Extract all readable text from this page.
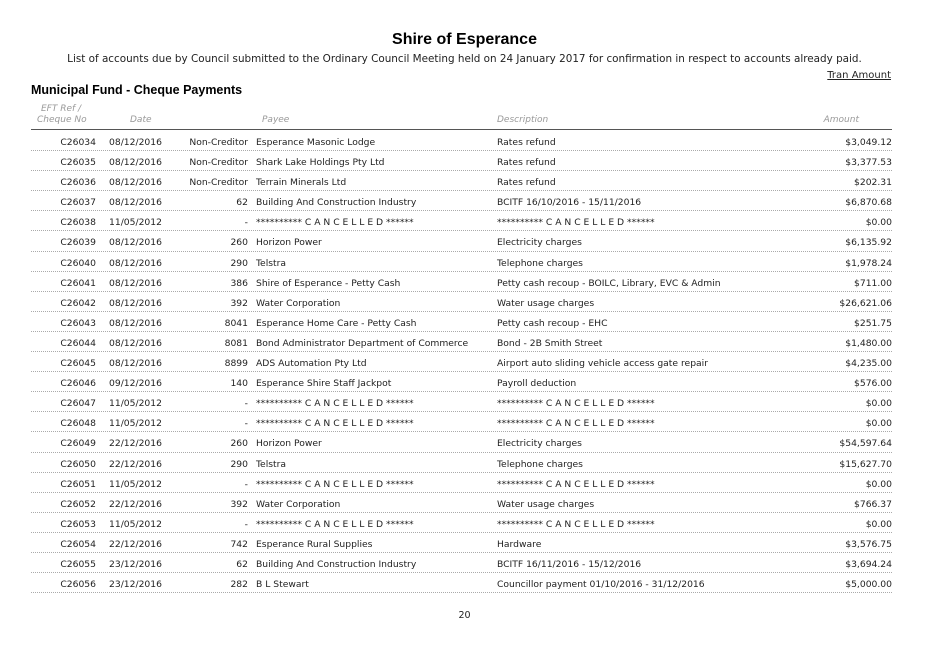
Shire of Esperance
List of accounts due by Council submitted to the Ordinary Council Meeting held on 24 January 2017 for confirmation in respect to accounts already paid.
Tran Amount
Municipal Fund - Cheque Payments
EFT Ref /
Cheque No	Date	Payee	Description	Amount
C26034 08/12/2016	Non-Creditor Esperance Masonic Lodge	Rates refund	$3,049.12
C26035 08/12/2016	Non-Creditor Shark Lake Holdings Pty Ltd	Rates refund	$3,377.53
C26036 08/12/2016	Non-Creditor Terrain Minerals Ltd	Rates refund	$202.31
C26037 08/12/2016	62 Building And Construction Industry	BCITF 16/10/2016 - 15/11/2016	$6,870.68
C26038 11/05/2012	- ********** C A N C E L L E D ******	********** C A N C E L L E D ******	$0.00
C26039 08/12/2016	260 Horizon Power	Electricity charges	$6,135.92
C26040 08/12/2016	290 Telstra	Telephone charges	$1,978.24
C26041 08/12/2016	386 Shire of Esperance - Petty Cash	Petty cash recoup - BOILC, Library, EVC & Admin	$711.00
C26042 08/12/2016	392 Water Corporation	Water usage charges	$26,621.06
C26043 08/12/2016	8041 Esperance Home Care - Petty Cash	Petty cash recoup - EHC	$251.75
C26044 08/12/2016	8081 Bond Administrator Department of Commerce	Bond - 2B Smith Street	$1,480.00
C26045 08/12/2016	8899 ADS Automation Pty Ltd	Airport auto sliding vehicle access gate repair	$4,235.00
C26046 09/12/2016	140 Esperance Shire Staff Jackpot	Payroll deduction	$576.00
C26047 11/05/2012	- ********** C A N C E L L E D ******	********** C A N C E L L E D ******	$0.00
C26048 11/05/2012	- ********** C A N C E L L E D ******	********** C A N C E L L E D ******	$0.00
C26049 22/12/2016	260 Horizon Power	Electricity charges	$54,597.64
C26050 22/12/2016	290 Telstra	Telephone charges	$15,627.70
C26051 11/05/2012	- ********** C A N C E L L E D ******	********** C A N C E L L E D ******	$0.00
C26052 22/12/2016	392 Water Corporation	Water usage charges	$766.37
C26053 11/05/2012	- ********** C A N C E L L E D ******	********** C A N C E L L E D ******	$0.00
C26054 22/12/2016	742 Esperance Rural Supplies	Hardware	$3,576.75
C26055 23/12/2016	62 Building And Construction Industry	BCITF 16/11/2016 - 15/12/2016	$3,694.24
C26056 23/12/2016	282 B L Stewart	Councillor payment 01/10/2016 - 31/12/2016	$5,000.00
20
